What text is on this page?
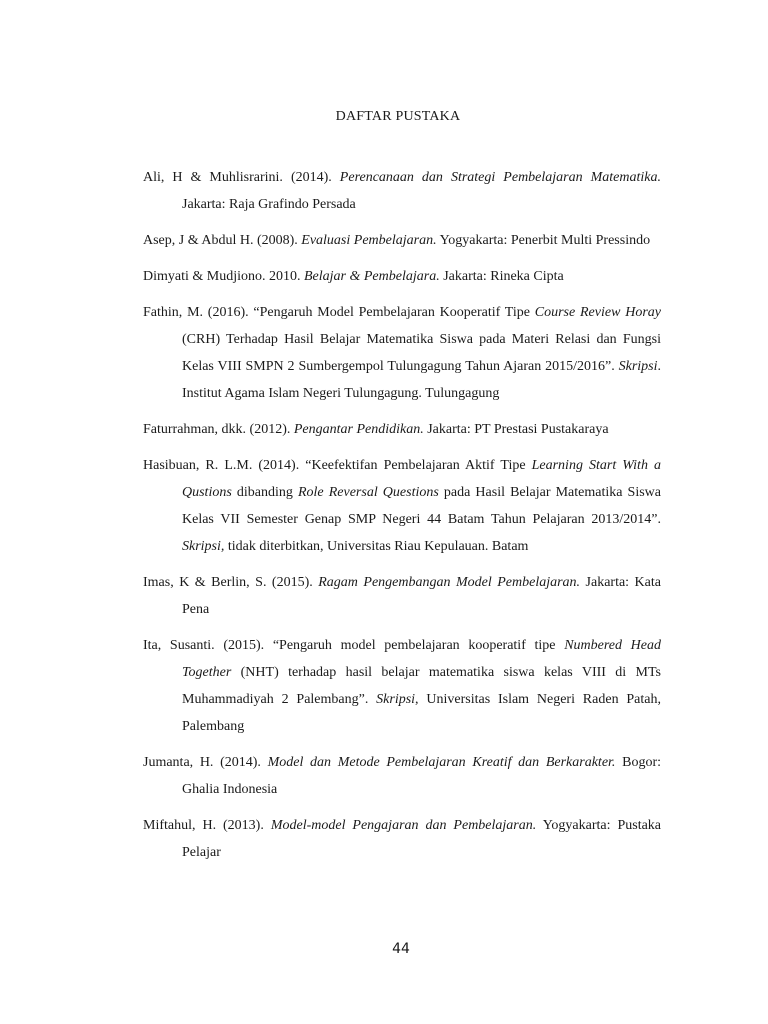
DAFTAR PUSTAKA

Ali, H & Muhlisrarini. (2014). Perencanaan dan Strategi Pembelajaran Matematika. Jakarta: Raja Grafindo Persada

Asep, J & Abdul H. (2008). Evaluasi Pembelajaran. Yogyakarta: Penerbit Multi Pressindo

Dimyati & Mudjiono. 2010. Belajar & Pembelajara. Jakarta: Rineka Cipta

Fathin, M. (2016). “Pengaruh Model Pembelajaran Kooperatif Tipe Course Review Horay (CRH) Terhadap Hasil Belajar Matematika Siswa pada Materi Relasi dan Fungsi Kelas VIII SMPN 2 Sumbergempol Tulungagung Tahun Ajaran 2015/2016”. Skripsi. Institut Agama Islam Negeri Tulungagung. Tulungagung

Faturrahman, dkk. (2012). Pengantar Pendidikan. Jakarta: PT Prestasi Pustakaraya

Hasibuan, R. L.M. (2014). “Keefektifan Pembelajaran Aktif Tipe Learning Start With a Qustions dibanding Role Reversal Questions pada Hasil Belajar Matematika Siswa Kelas VII Semester Genap SMP Negeri 44 Batam Tahun Pelajaran 2013/2014”. Skripsi, tidak diterbitkan, Universitas Riau Kepulauan. Batam

Imas, K & Berlin, S. (2015). Ragam Pengembangan Model Pembelajaran. Jakarta: Kata Pena

Ita, Susanti. (2015). “Pengaruh model pembelajaran kooperatif tipe Numbered Head Together (NHT) terhadap hasil belajar matematika siswa kelas VIII di MTs Muhammadiyah 2 Palembang”. Skripsi, Universitas Islam Negeri Raden Patah, Palembang

Jumanta, H. (2014). Model dan Metode Pembelajaran Kreatif dan Berkarakter. Bogor: Ghalia Indonesia

Miftahul, H. (2013). Model-model Pengajaran dan Pembelajaran. Yogyakarta: Pustaka Pelajar

44
